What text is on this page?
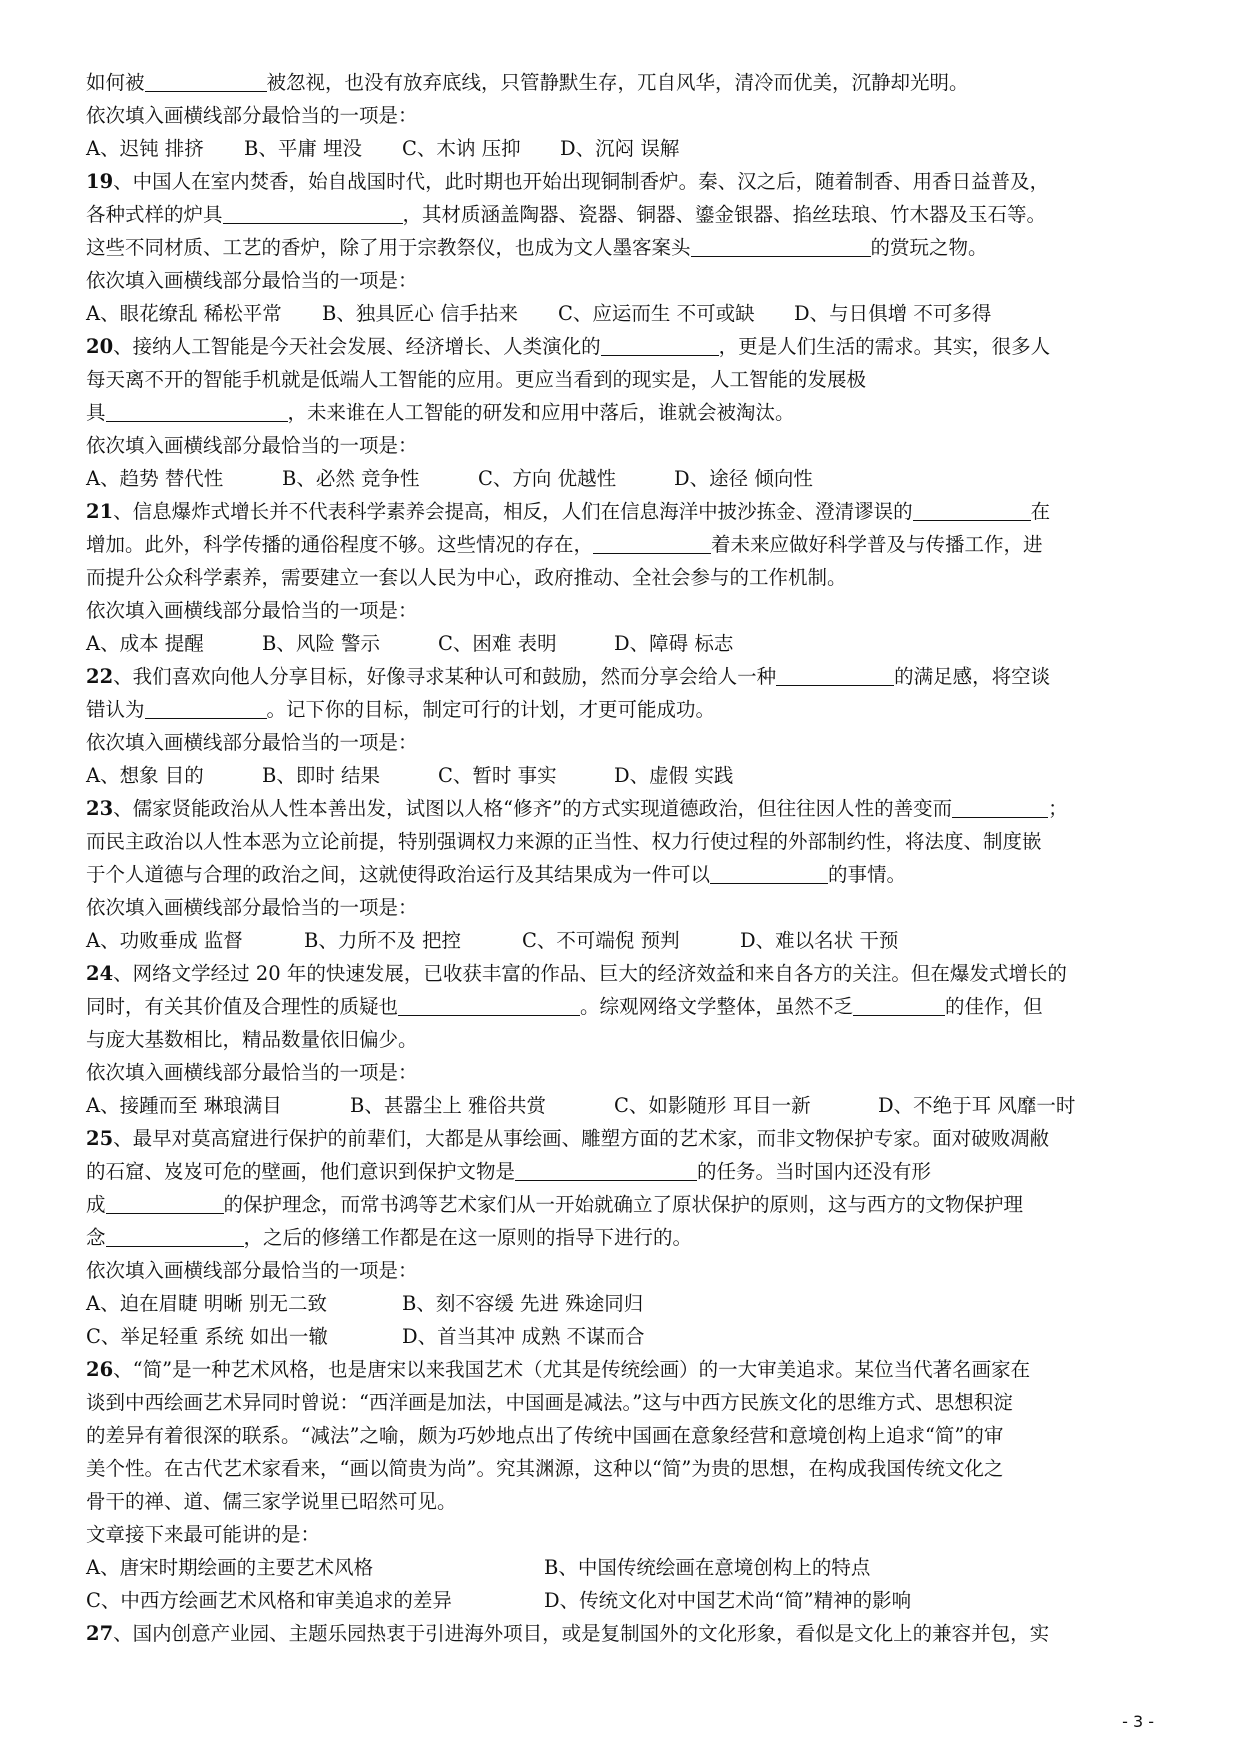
如何被	被忽视，也没有放弃底线，只管静默生存，兀自风华，清冷而优美，沉静却光明。
依次填入画横线部分最恰当的一项是：
A、迟钝 排挤 B、平庸 埋没 C、木讷 压抑 D、沉闷 误解
19、中国人在室内焚香，始自战国时代，此时期也开始出现铜制香炉。秦、汉之后，随着制香、用香日益普及，
各种式样的炉具	，其材质涵盖陶器、瓷器、铜器、鎏金银器、掐丝珐琅、竹木器及玉石等。
这些不同材质、工艺的香炉，除了用于宗教祭仪，也成为文人墨客案头	的赏玩之物。
依次填入画横线部分最恰当的一项是：
A、眼花缭乱 稀松平常 B、独具匠心 信手拈来 C、应运而生 不可或缺 D、与日俱增 不可多得
20、接纳人工智能是今天社会发展、经济增长、人类演化的	，更是人们生活的需求。其实，很多人
每天离不开的智能手机就是低端人工智能的应用。更应当看到的现实是，人工智能的发展极
具	，未来谁在人工智能的研发和应用中落后，谁就会被淘汰。
依次填入画横线部分最恰当的一项是：
A、趋势 替代性	B、必然 竞争性	C、方向 优越性	D、途径 倾向性
21、信息爆炸式增长并不代表科学素养会提高，相反，人们在信息海洋中披沙拣金、澄清谬误的	在
增加。此外，科学传播的通俗程度不够。这些情况的存在，	着未来应做好科学普及与传播工作，进
而提升公众科学素养，需要建立一套以人民为中心，政府推动、全社会参与的工作机制。
依次填入画横线部分最恰当的一项是：
A、成本 提醒	B、风险 警示	C、困难 表明	D、障碍 标志
22、我们喜欢向他人分享目标，好像寻求某种认可和鼓励，然而分享会给人一种	的满足感，将空谈
错认为	。记下你的目标，制定可行的计划，才更可能成功。
依次填入画横线部分最恰当的一项是：
A、想象 目的	B、即时 结果	C、暂时 事实	D、虚假 实践
23、儒家贤能政治从人性本善出发，试图以人格“修齐”的方式实现道德政治，但往往因人性的善变而	；
而民主政治以人性本恶为立论前提，特别强调权力来源的正当性、权力行使过程的外部制约性，将法度、制度嵌
于个人道德与合理的政治之间，这就使得政治运行及其结果成为一件可以	的事情。
依次填入画横线部分最恰当的一项是：
A、功败垂成 监督	B、力所不及 把控	C、不可端倪 预判	D、难以名状 干预
24、网络文学经过 20 年的快速发展，已收获丰富的作品、巨大的经济效益和来自各方的关注。但在爆发式增长的
同时，有关其价值及合理性的质疑也	。综观网络文学整体，虽然不乏	的佳作，但
与庞大基数相比，精品数量依旧偏少。
依次填入画横线部分最恰当的一项是：
A、接踵而至 琳琅满目	B、甚嚣尘上 雅俗共赏	C、如影随形 耳目一新	D、不绝于耳 风靡一时
25、最早对莫高窟进行保护的前辈们，大都是从事绘画、雕塑方面的艺术家，而非文物保护专家。面对破败凋敝
的石窟、岌岌可危的壁画，他们意识到保护文物是	的任务。当时国内还没有形
成	的保护理念，而常书鸿等艺术家们从一开始就确立了原状保护的原则，这与西方的文物保护理
念	，之后的修缮工作都是在这一原则的指导下进行的。
依次填入画横线部分最恰当的一项是：
A、迫在眉睫 明晰 别无二致	B、刻不容缓 先进 殊途同归
C、举足轻重 系统 如出一辙	D、首当其冲 成熟 不谋而合
26、“简”是一种艺术风格，也是唐宋以来我国艺术（尤其是传统绘画）的一大审美追求。某位当代著名画家在
谈到中西绘画艺术异同时曾说：“西洋画是加法，中国画是减法。”这与中西方民族文化的思维方式、思想积淀
的差异有着很深的联系。“减法”之喻，颇为巧妙地点出了传统中国画在意象经营和意境创构上追求“简”的审
美个性。在古代艺术家看来，“画以简贵为尚”。究其渊源，这种以“简”为贵的思想，在构成我国传统文化之
骨干的禅、道、儒三家学说里已昭然可见。
文章接下来最可能讲的是：
A、唐宋时期绘画的主要艺术风格	B、中国传统绘画在意境创构上的特点
C、中西方绘画艺术风格和审美追求的差异	D、传统文化对中国艺术尚“简”精神的影响
27、国内创意产业园、主题乐园热衷于引进海外项目，或是复制国外的文化形象，看似是文化上的兼容并包，实
- 3 -
